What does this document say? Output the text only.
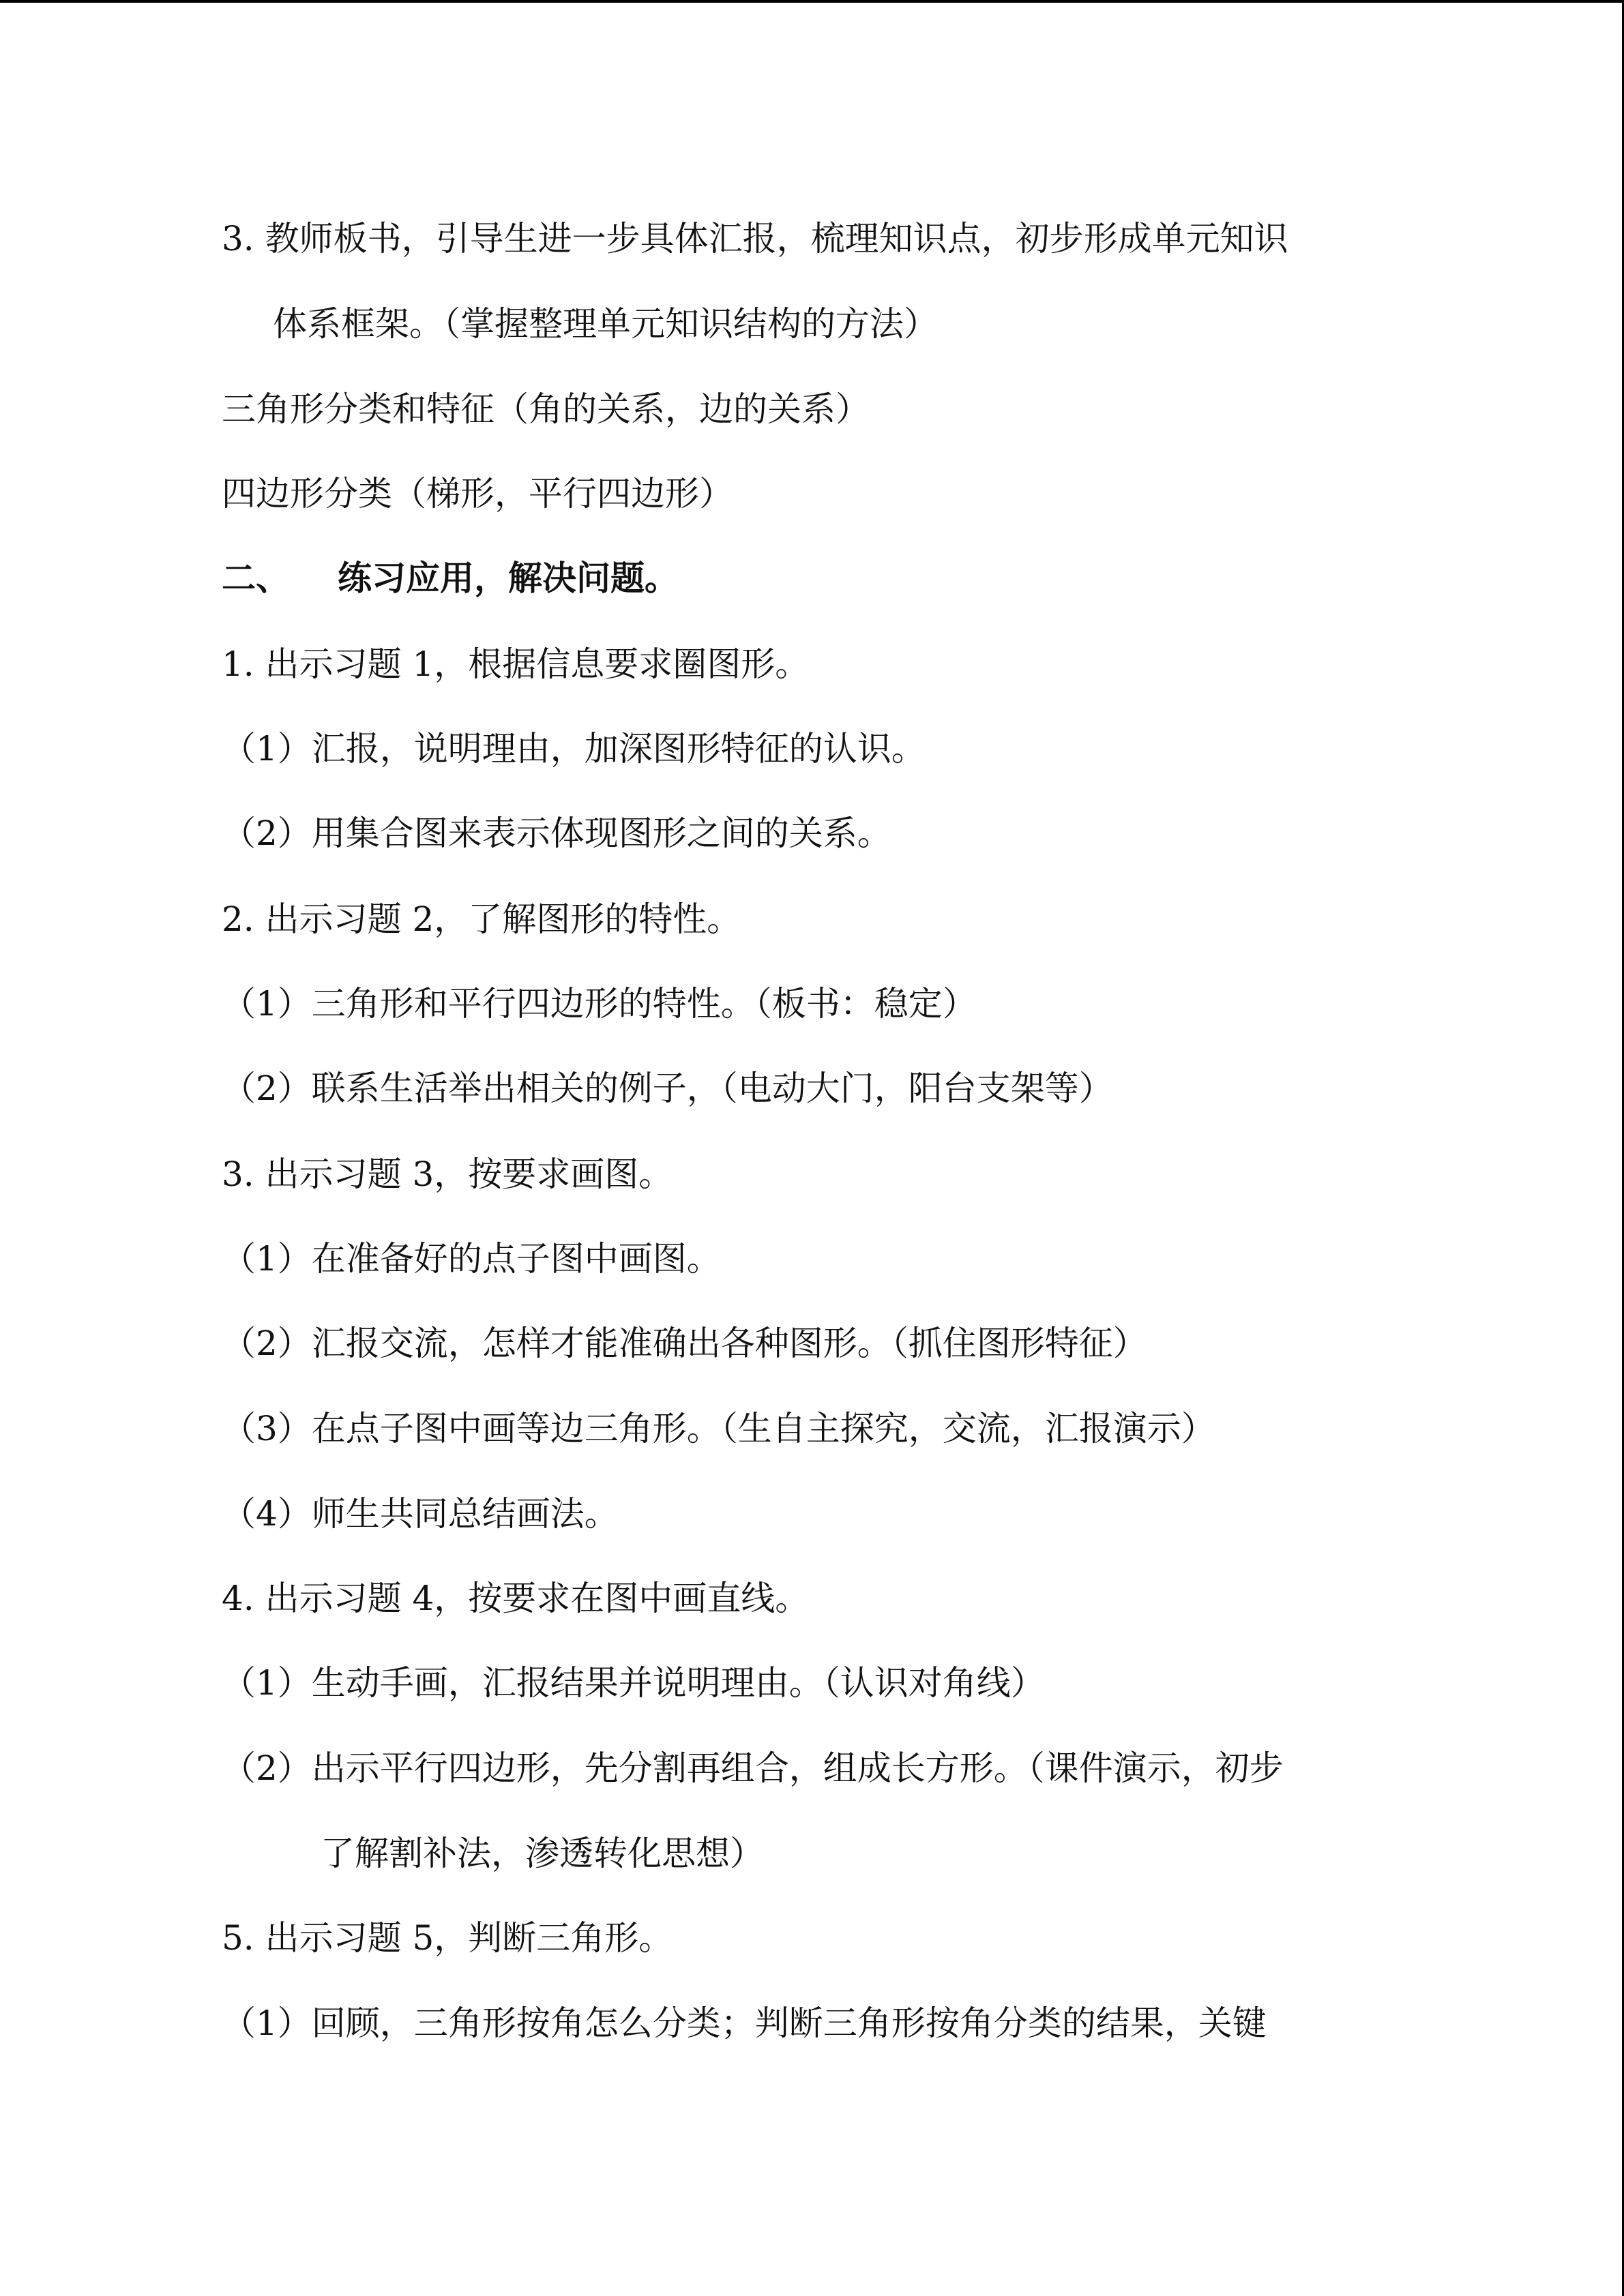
3. 教师板书，引导生进一步具体汇报，梳理知识点，初步形成单元知识

体系框架。（掌握整理单元知识结构的方法）

三角形分类和特征（角的关系，边的关系）

四边形分类（梯形，平行四边形）

二、 练习应用，解决问题。

1. 出示习题 1，根据信息要求圈图形。

（1）汇报，说明理由，加深图形特征的认识。

（2）用集合图来表示体现图形之间的关系。

2. 出示习题 2，了解图形的特性。

（1）三角形和平行四边形的特性。（板书：稳定）

（2）联系生活举出相关的例子，（电动大门，阳台支架等）

3. 出示习题 3，按要求画图。

（1）在准备好的点子图中画图。

（2）汇报交流，怎样才能准确出各种图形。（抓住图形特征）

（3）在点子图中画等边三角形。（生自主探究，交流，汇报演示）

（4）师生共同总结画法。

4. 出示习题 4，按要求在图中画直线。

（1）生动手画，汇报结果并说明理由。（认识对角线）

（2）出示平行四边形，先分割再组合，组成长方形。（课件演示，初步

了解割补法，渗透转化思想）

5. 出示习题 5，判断三角形。

（1）回顾，三角形按角怎么分类；判断三角形按角分类的结果，关键
